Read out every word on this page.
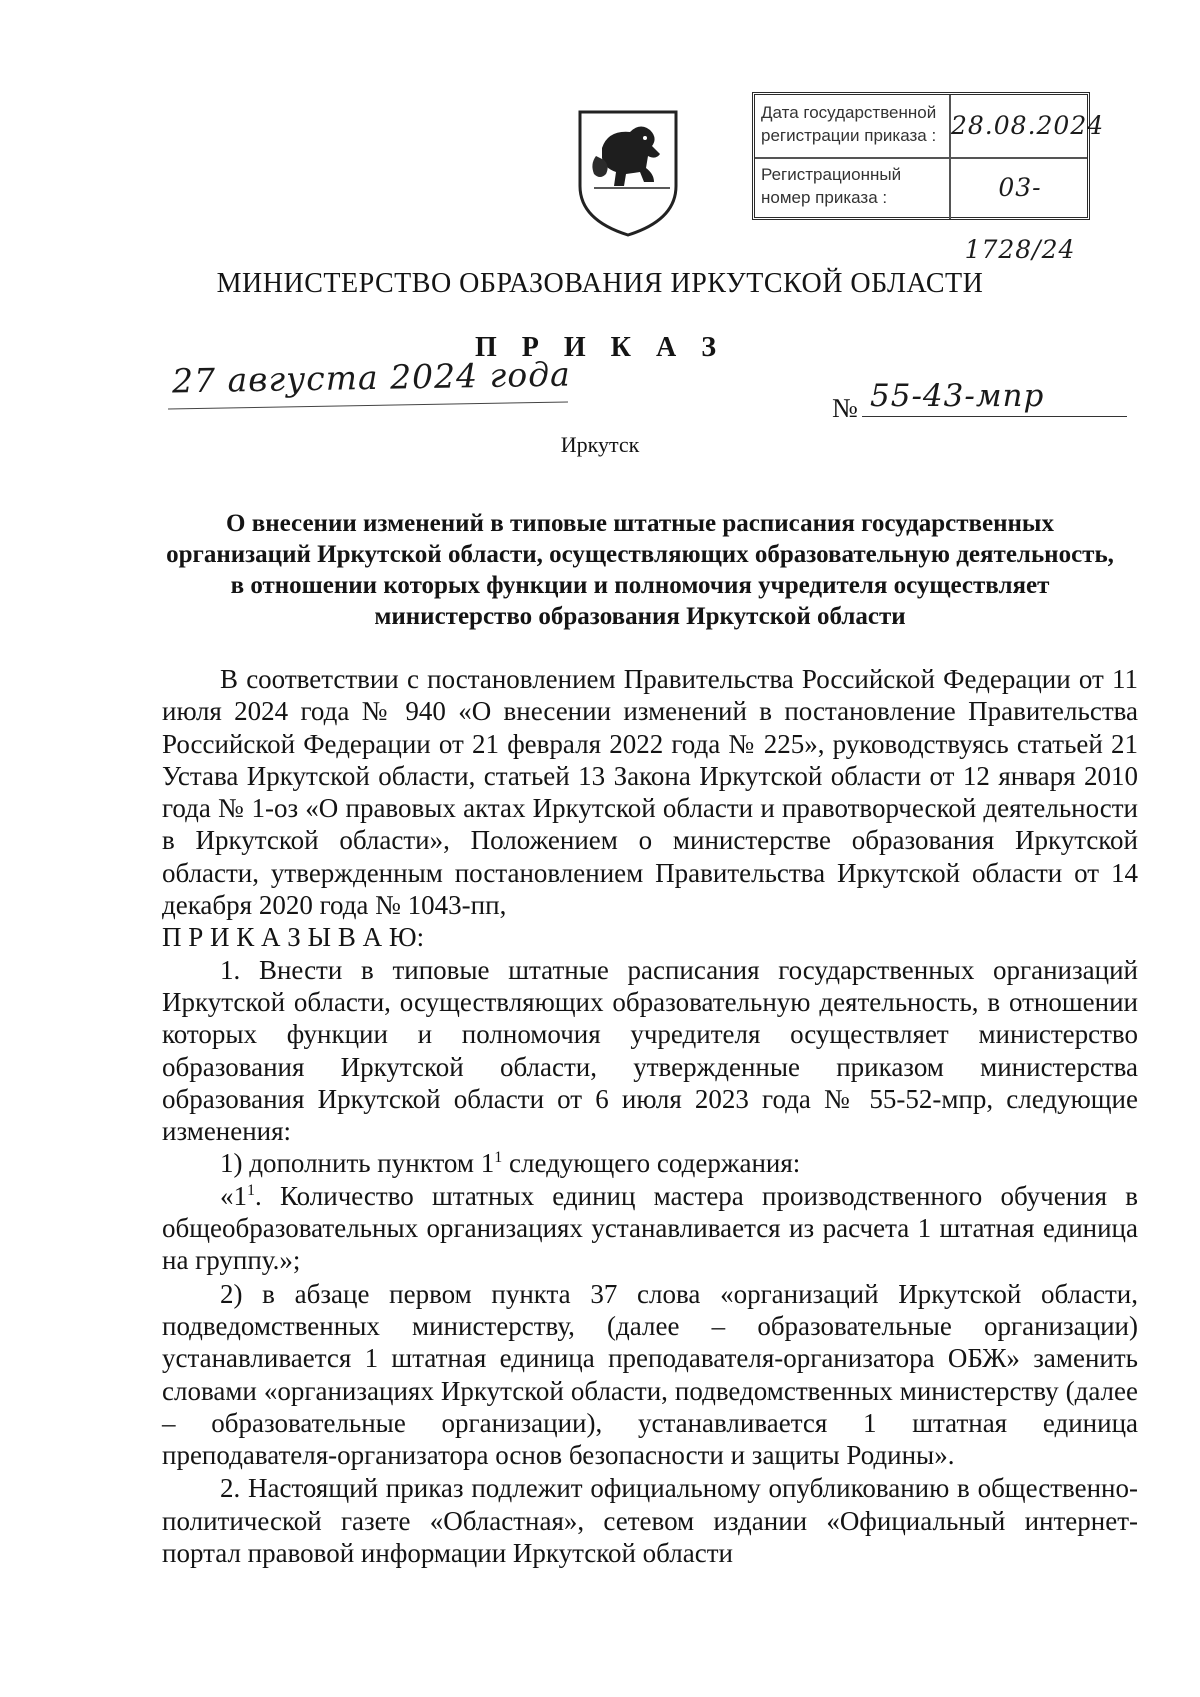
Дата государственной регистрации приказа : 28.08.2024
Регистрационный номер приказа :	03-1728/24
МИНИСТЕРСТВО ОБРАЗОВАНИЯ ИРКУТСКОЙ ОБЛАСТИ
П Р И К А З
27 августа 2024 года
№ 55-43-мпр
Иркутск
О внесении изменений в типовые штатные расписания государственных организаций Иркутской области, осуществляющих образовательную деятельность, в отношении которых функции и полномочия учредителя осуществляет министерство образования Иркутской области
В соответствии с постановлением Правительства Российской Федерации от 11 июля 2024 года № 940 «О внесении изменений в постановление Правительства Российской Федерации от 21 февраля 2022 года № 225», руководствуясь статьей 21 Устава Иркутской области, статьей 13 Закона Иркутской области от 12 января 2010 года № 1-оз «О правовых актах Иркутской области и правотворческой деятельности в Иркутской области», Положением о министерстве образования Иркутской области, утвержденным постановлением Правительства Иркутской области от 14 декабря 2020 года № 1043-пп,
П Р И К А З Ы В А Ю:
1. Внести в типовые штатные расписания государственных организаций Иркутской области, осуществляющих образовательную деятельность, в отношении которых функции и полномочия учредителя осуществляет министерство образования Иркутской области, утвержденные приказом министерства образования Иркутской области от 6 июля 2023 года № 55-52-мпр, следующие изменения:
1) дополнить пунктом $1^1$ следующего содержания:
«$1^1$. Количество штатных единиц мастера производственного обучения в общеобразовательных организациях устанавливается из расчета 1 штатная единица на группу.»;
2) в абзаце первом пункта 37 слова «организаций Иркутской области, подведомственных министерству, (далее – образовательные организации) устанавливается 1 штатная единица преподавателя-организатора ОБЖ» заменить словами «организациях Иркутской области, подведомственных министерству (далее – образовательные организации), устанавливается 1 штатная единица преподавателя-организатора основ безопасности и защиты Родины».
2. Настоящий приказ подлежит официальному опубликованию в общественно-политической газете «Областная», сетевом издании «Официальный интернет-портал правовой информации Иркутской области
